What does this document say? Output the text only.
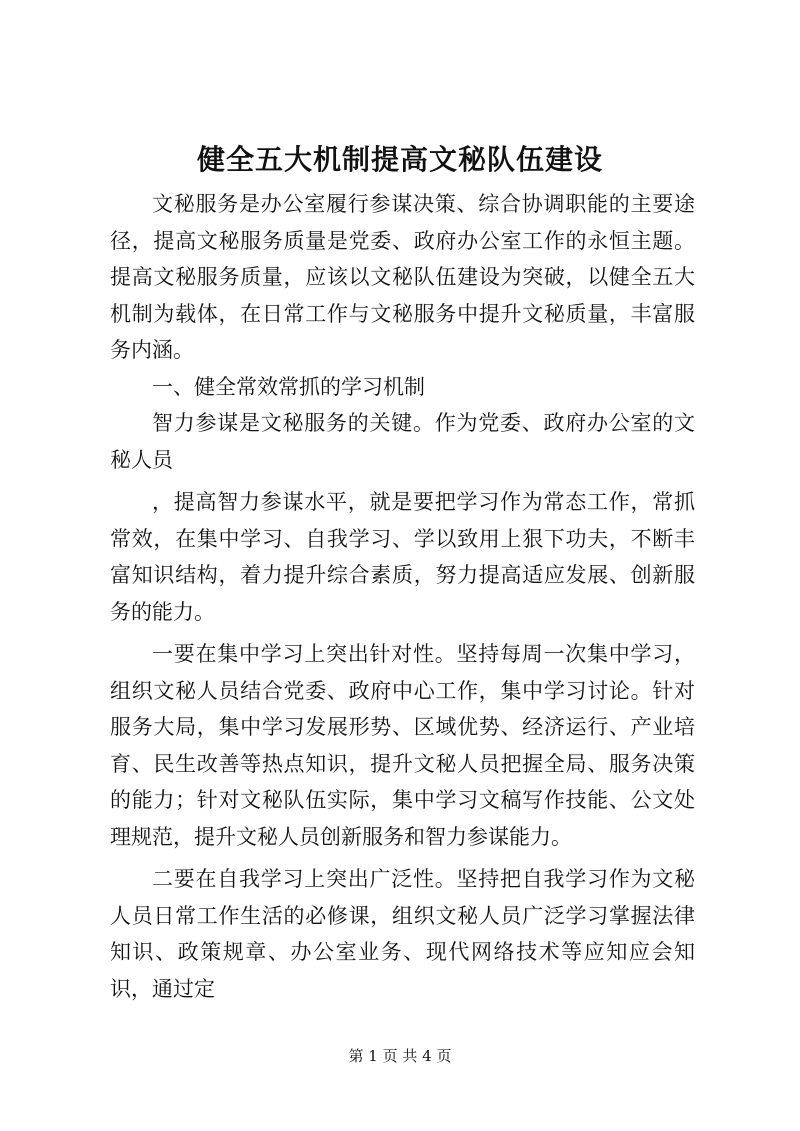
健全五大机制提高文秘队伍建设

文秘服务是办公室履行参谋决策、综合协调职能的主要途径，提高文秘服务质量是党委、政府办公室工作的永恒主题。提高文秘服务质量，应该以文秘队伍建设为突破，以健全五大机制为载体，在日常工作与文秘服务中提升文秘质量，丰富服务内涵。

一、健全常效常抓的学习机制

智力参谋是文秘服务的关键。作为党委、政府办公室的文秘人员

，提高智力参谋水平，就是要把学习作为常态工作，常抓常效，在集中学习、自我学习、学以致用上狠下功夫，不断丰富知识结构，着力提升综合素质，努力提高适应发展、创新服务的能力。

一要在集中学习上突出针对性。坚持每周一次集中学习，组织文秘人员结合党委、政府中心工作，集中学习讨论。针对服务大局，集中学习发展形势、区域优势、经济运行、产业培育、民生改善等热点知识，提升文秘人员把握全局、服务决策的能力；针对文秘队伍实际，集中学习文稿写作技能、公文处理规范，提升文秘人员创新服务和智力参谋能力。

二要在自我学习上突出广泛性。坚持把自我学习作为文秘人员日常工作生活的必修课，组织文秘人员广泛学习掌握法律知识、政策规章、办公室业务、现代网络技术等应知应会知识，通过定

第 1 页 共 4 页
